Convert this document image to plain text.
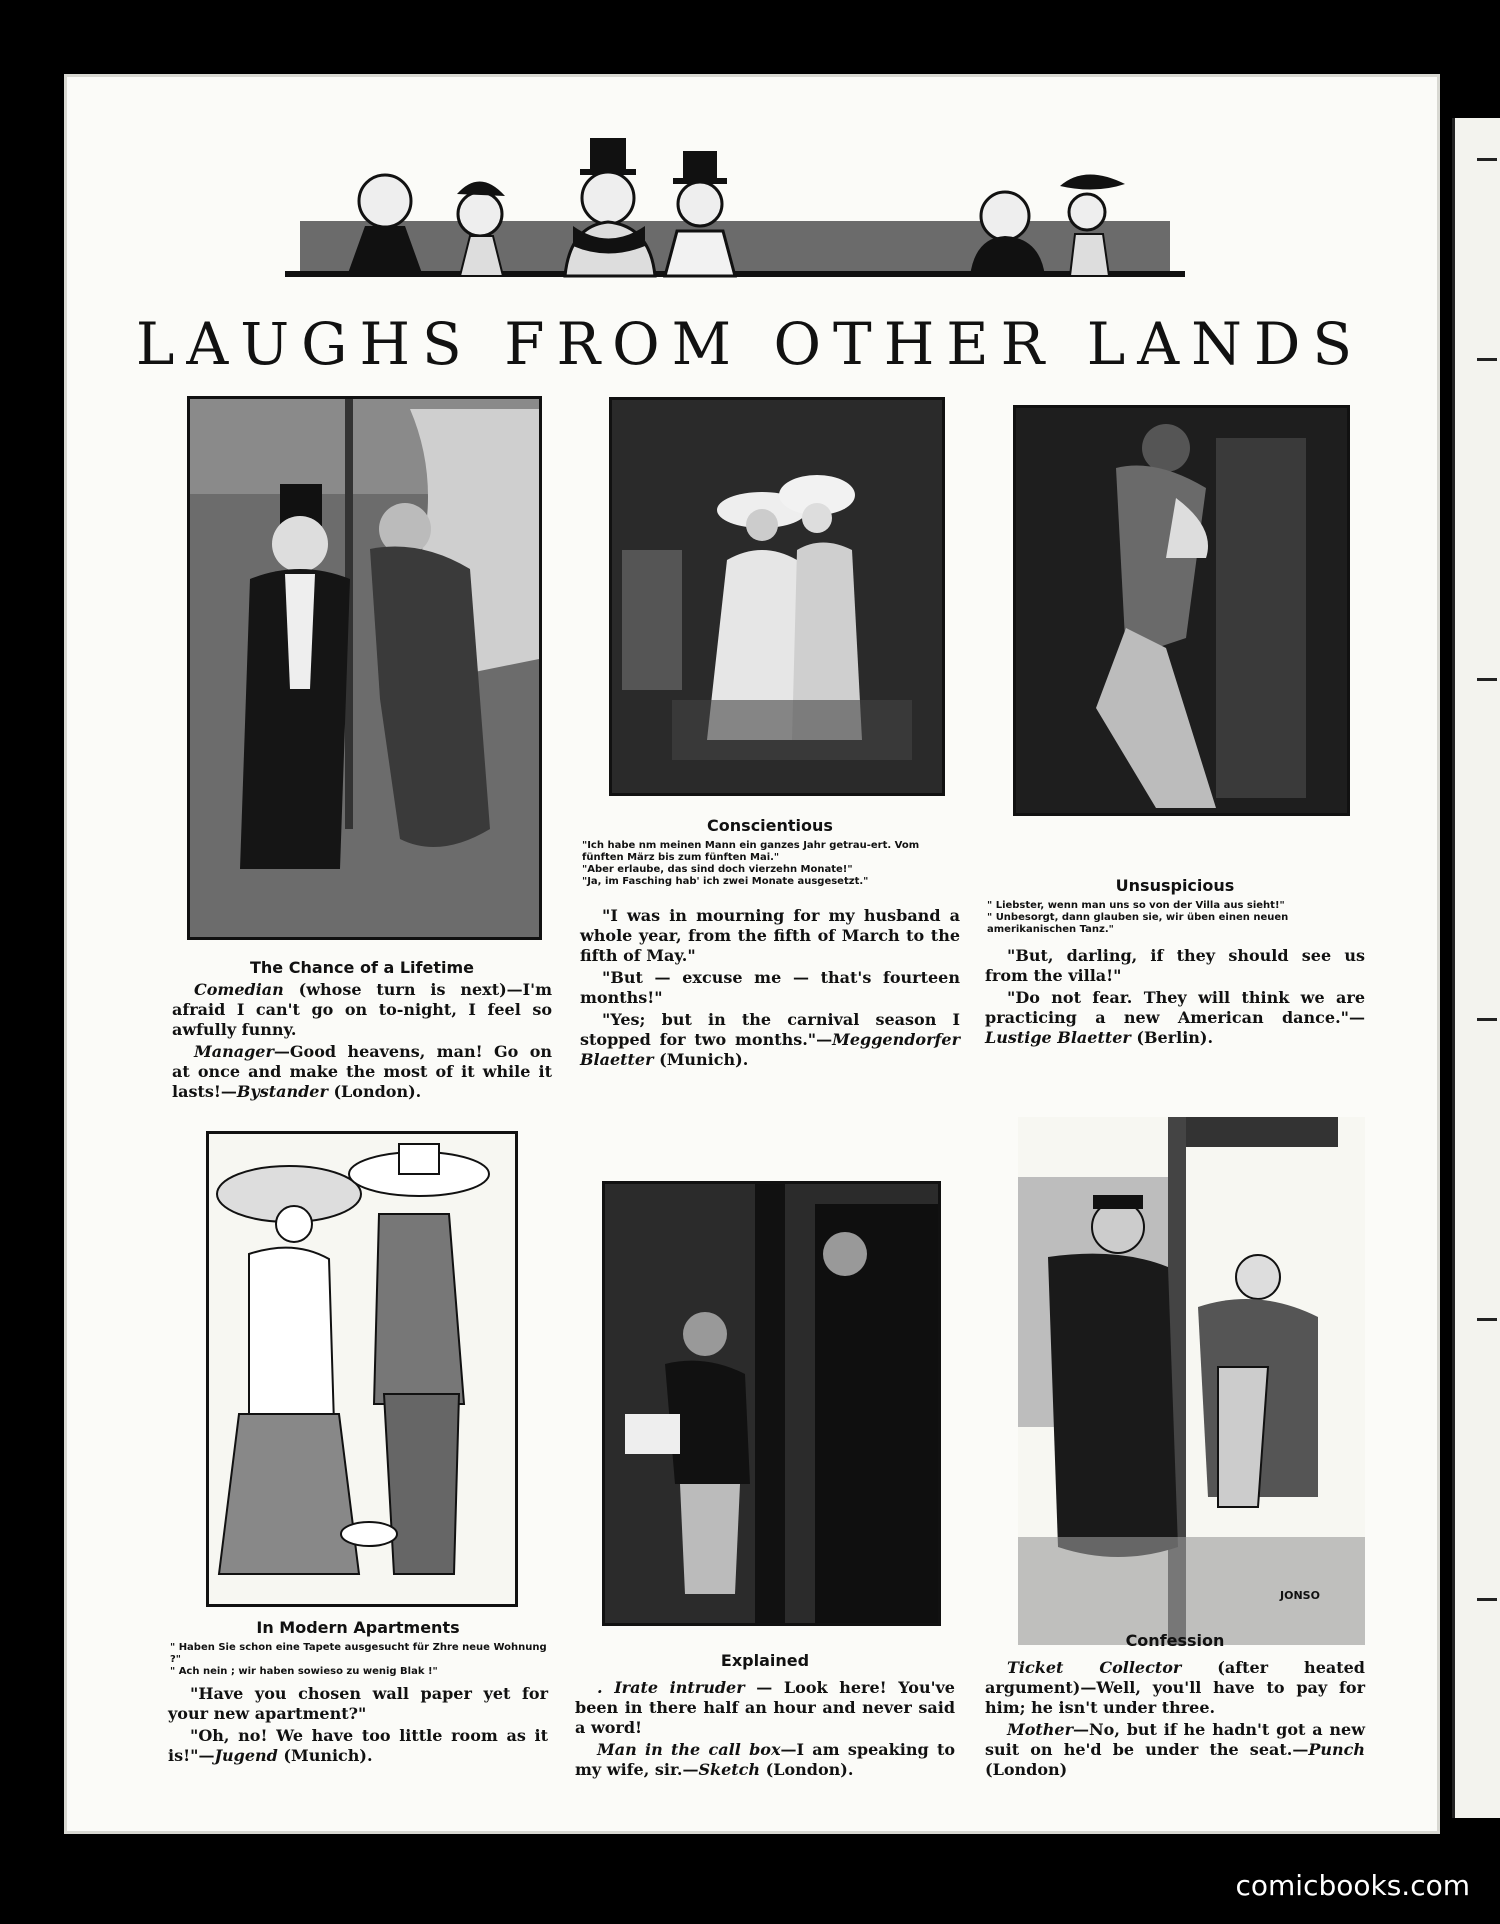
LAUGHS FROM OTHER LANDS
JONSO
The Chance of a Lifetime

Comedian (whose turn is next)—I'm afraid I can't go on to-night, I feel so awfully funny.

Manager—Good heavens, man! Go on at once and make the most of it while it lasts!—Bystander (London).

Conscientious

"Ich habe nm meinen Mann ein ganzes Jahr getrau-ert. Vom fünften März bis zum fünften Mai."

"Aber erlaube, das sind doch vierzehn Monate!"

"Ja, im Fasching hab' ich zwei Monate ausgesetzt."

"I was in mourning for my husband a whole year, from the fifth of March to the fifth of May."

"But — excuse me — that's fourteen months!"

"Yes; but in the carnival season I stopped for two months."—Meggendorfer Blaetter (Munich).

Unsuspicious

" Liebster, wenn man uns so von der Villa aus sieht!"

" Unbesorgt, dann glauben sie, wir üben einen neuen amerikanischen Tanz."

"But, darling, if they should see us from the villa!"

"Do not fear. They will think we are practicing a new American dance."—Lustige Blaetter (Berlin).

In Modern Apartments

" Haben Sie schon eine Tapete ausgesucht für Zhre neue Wohnung ?"

" Ach nein ; wir haben sowieso zu wenig Blak !"

"Have you chosen wall paper yet for your new apartment?"

"Oh, no! We have too little room as it is!"—Jugend (Munich).

Explained

. Irate intruder — Look here! You've been in there half an hour and never said a word!

Man in the call box—I am speaking to my wife, sir.—Sketch (London).

Confession

Ticket Collector (after heated argument)—Well, you'll have to pay for him; he isn't under three.

Mother—No, but if he hadn't got a new suit on he'd be under the seat.—Punch (London)

comicbooks.com
